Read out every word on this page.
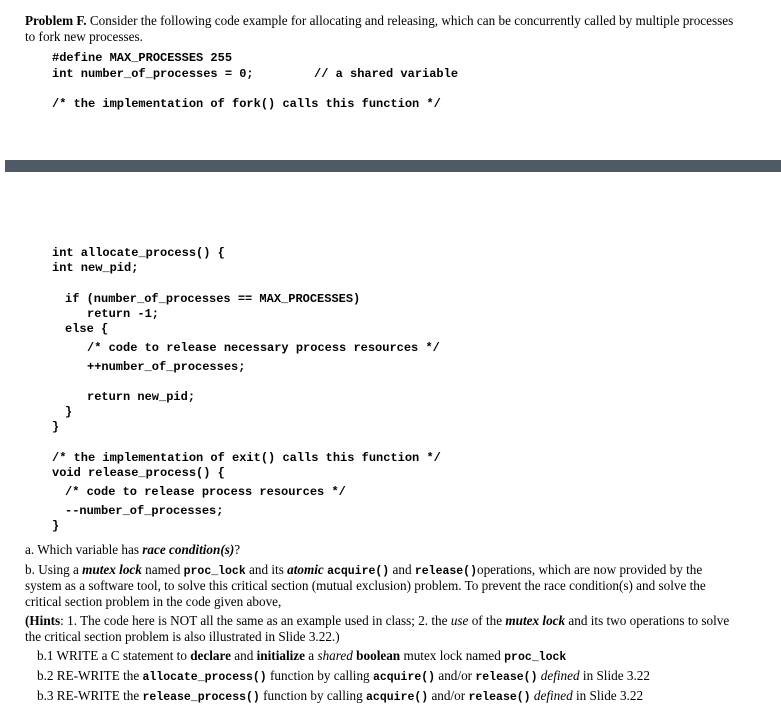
Problem F. Consider the following code example for allocating and releasing, which can be concurrently called by multiple processes
to fork new processes.
#define MAX_PROCESSES 255
int number_of_processes = 0;	// a shared variable
/* the implementation of fork() calls this function */
int allocate_process() {
int new_pid;
if (number_of_processes == MAX_PROCESSES)
return -1;
else {
/* code to release necessary process resources */
++number_of_processes;
return new_pid;
}
}
/* the implementation of exit() calls this function */
void release_process() {
/* code to release process resources */
--number_of_processes;
}
a. Which variable has race condition(s)?
b. Using a mutex lock named proc_lock and its atomic acquire() and release()operations, which are now provided by the
system as a software tool, to solve this critical section (mutual exclusion) problem. To prevent the race condition(s) and solve the
critical section problem in the code given above,
(Hints: 1. The code here is NOT all the same as an example used in class; 2. the use of the mutex lock and its two operations to solve
the critical section problem is also illustrated in Slide 3.22.)
b.1 WRITE a C statement to declare and initialize a shared boolean mutex lock named proc_lock
b.2 RE-WRITE the allocate_process() function by calling acquire() and/or release() defined in Slide 3.22
b.3 RE-WRITE the release_process() function by calling acquire() and/or release() defined in Slide 3.22
